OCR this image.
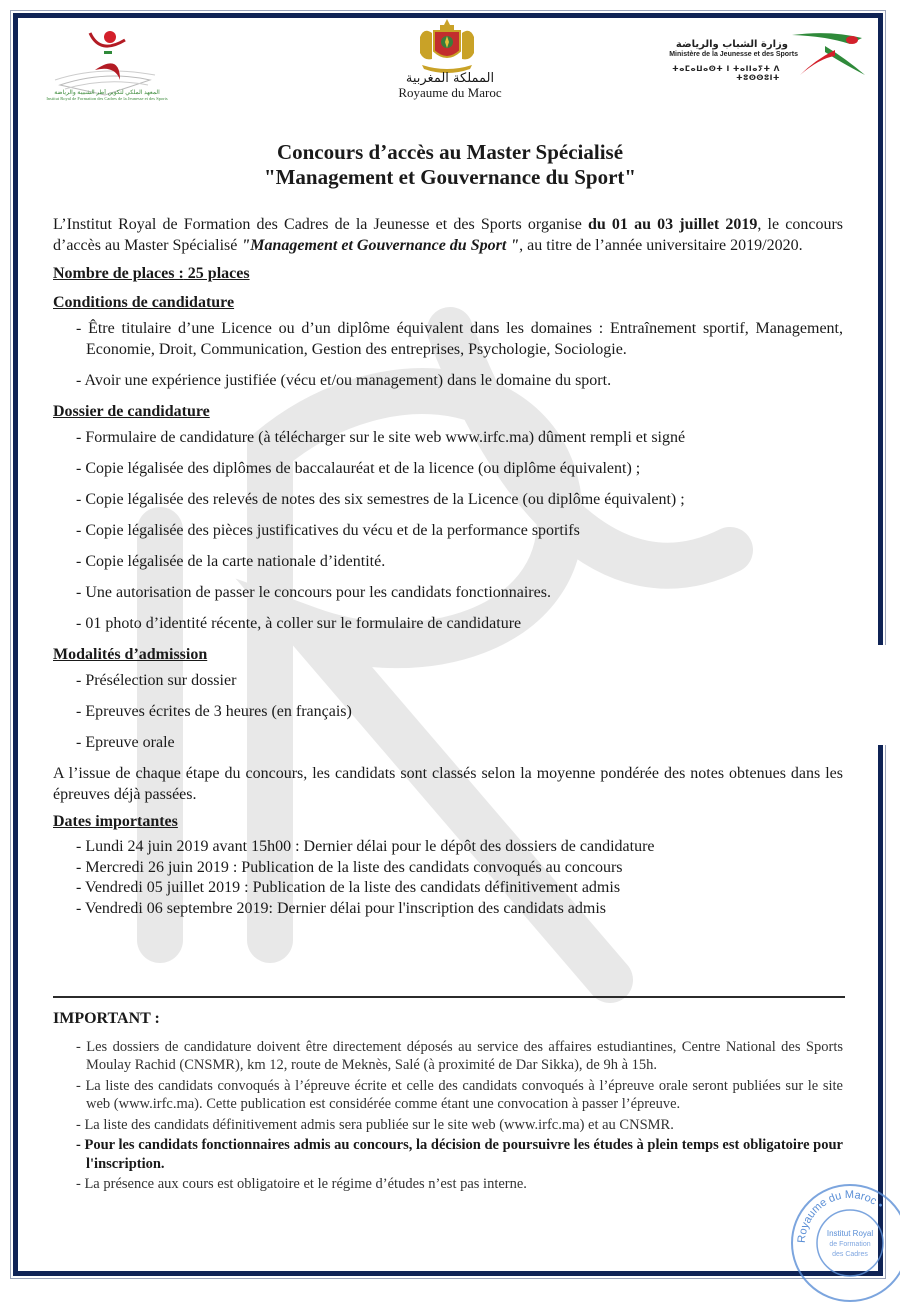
المعهد الملكي لتكوين أطر الشبيبة والرياضة
Institut Royal de Formation des Cadres de la Jeunesse et des Sports
المملكة المغربية
Royaume du Maroc
وزارة الشباب والرياضة
Ministère de la Jeunesse et des Sports
ⵜⴰⵎⴰⵡⴰⵙⵜ ⵏ ⵜⴰⵏⵏⴰⵢⵜ ⴷ ⵜⵓⵙⵙⵓⵏⵜ
Concours d’accès au Master Spécialisé
"Management et Gouvernance du Sport"

L’Institut Royal de Formation des Cadres de la Jeunesse et des Sports organise du 01 au 03 juillet 2019, le concours d’accès au Master Spécialisé "Management et Gouvernance du Sport ", au titre de l’année universitaire 2019/2020.

Nombre de places : 25 places

Conditions de candidature

- Être titulaire d’une Licence ou d’un diplôme équivalent dans les domaines : Entraînement sportif, Management, Economie, Droit, Communication, Gestion des entreprises, Psychologie, Sociologie.
- Avoir une expérience justifiée (vécu et/ou management) dans le domaine du sport.

Dossier de candidature

- Formulaire de candidature (à télécharger sur le site web www.irfc.ma) dûment rempli et signé
- Copie légalisée des diplômes de baccalauréat et de la licence (ou diplôme équivalent) ;
- Copie légalisée des relevés de notes des six semestres de la Licence (ou diplôme équivalent) ;
- Copie légalisée des pièces justificatives du vécu et de la performance sportifs
- Copie légalisée de la carte nationale d’identité.
- Une autorisation de passer le concours pour les candidats fonctionnaires.
- 01 photo d’identité récente, à coller sur le formulaire de candidature

Modalités d’admission

- Présélection sur dossier
- Epreuves écrites de 3 heures (en français)
- Epreuve orale

A l’issue de chaque étape du concours, les candidats sont classés selon la moyenne pondérée des notes obtenues dans les épreuves déjà passées.

Dates importantes

- Lundi 24 juin 2019 avant 15h00 : Dernier délai pour le dépôt des dossiers de candidature
- Mercredi 26 juin 2019 : Publication de la liste des candidats convoqués au concours
- Vendredi 05 juillet 2019 : Publication de la liste des candidats définitivement admis
- Vendredi 06 septembre 2019: Dernier délai pour l'inscription des candidats admis
IMPORTANT :
- Les dossiers de candidature doivent être directement déposés au service des affaires estudiantines, Centre National des Sports Moulay Rachid (CNSMR), km 12, route de Meknès, Salé (à proximité de Dar Sikka), de 9h à 15h.
- La liste des candidats convoqués à l’épreuve écrite et celle des candidats convoqués à l’épreuve orale seront publiées sur le site web (www.irfc.ma). Cette publication est considérée comme étant une convocation à passer l’épreuve.
- La liste des candidats définitivement admis sera publiée sur le site web (www.irfc.ma) et au CNSMR.
- Pour les candidats fonctionnaires admis au concours, la décision de poursuivre les études à plein temps est obligatoire pour l'inscription.
- La présence aux cours est obligatoire et le régime d’études n’est pas interne.
Royaume du Maroc •
Institut Royal
de Formation
des Cadres
